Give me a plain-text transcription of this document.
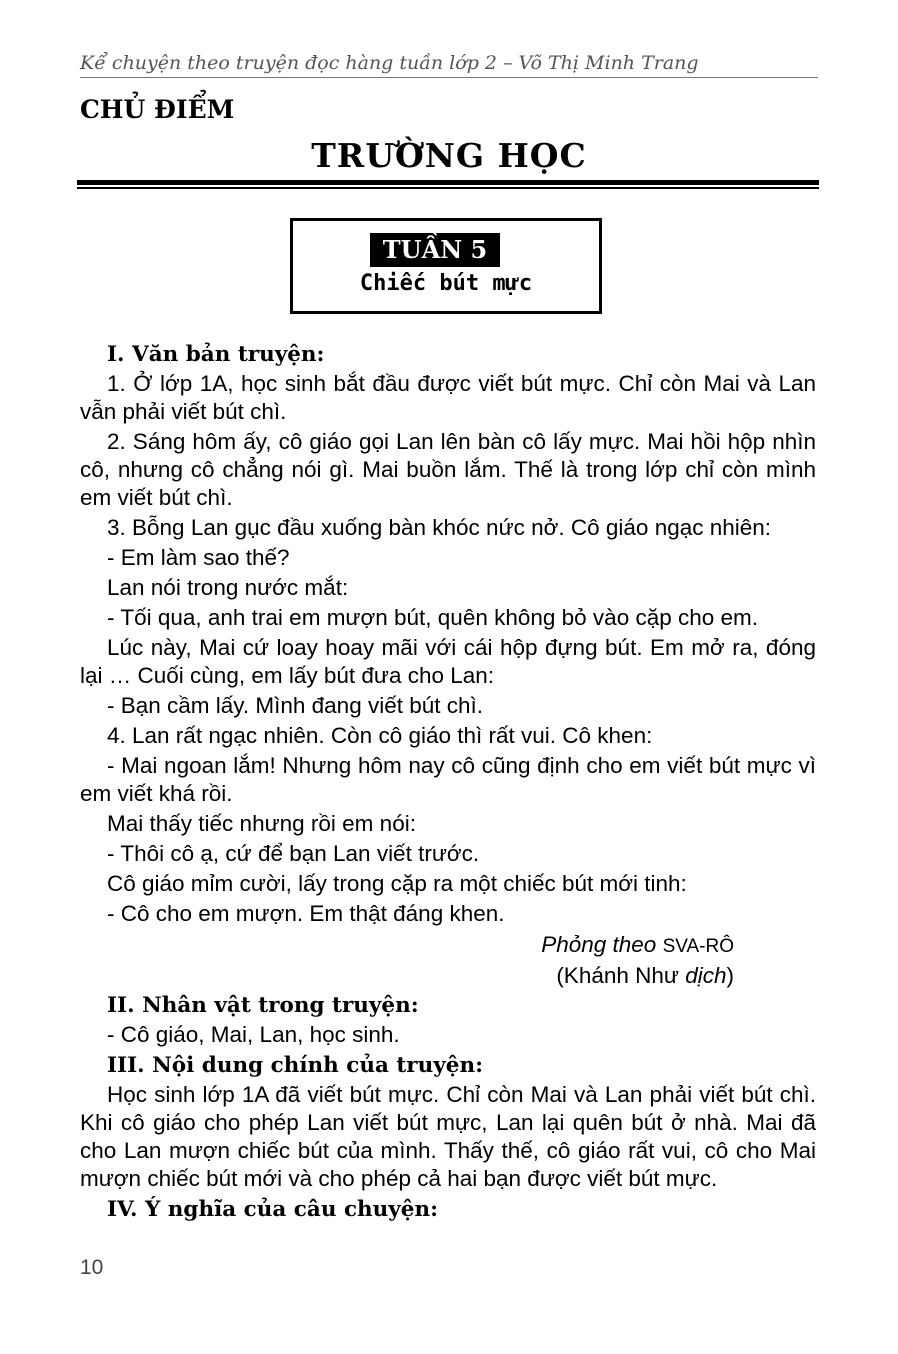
Kể chuyện theo truyện đọc hàng tuần lớp 2 – Võ Thị Minh Trang
CHỦ ĐIỂM
TRƯỜNG HỌC
TUẦN 5
Chiếc bút mực
I. Văn bản truyện:

1. Ở lớp 1A, học sinh bắt đầu được viết bút mực. Chỉ còn Mai và Lan vẫn phải viết bút chì.

2. Sáng hôm ấy, cô giáo gọi Lan lên bàn cô lấy mực. Mai hồi hộp nhìn cô, nhưng cô chẳng nói gì. Mai buồn lắm. Thế là trong lớp chỉ còn mình em viết bút chì.

3. Bỗng Lan gục đầu xuống bàn khóc nức nở. Cô giáo ngạc nhiên:

- Em làm sao thế?

Lan nói trong nước mắt:

- Tối qua, anh trai em mượn bút, quên không bỏ vào cặp cho em.

Lúc này, Mai cứ loay hoay mãi với cái hộp đựng bút. Em mở ra, đóng lại … Cuối cùng, em lấy bút đưa cho Lan:

- Bạn cầm lấy. Mình đang viết bút chì.

4. Lan rất ngạc nhiên. Còn cô giáo thì rất vui. Cô khen:

- Mai ngoan lắm! Nhưng hôm nay cô cũng định cho em viết bút mực vì em viết khá rồi.

Mai thấy tiếc nhưng rồi em nói:

- Thôi cô ạ, cứ để bạn Lan viết trước.

Cô giáo mỉm cười, lấy trong cặp ra một chiếc bút mới tinh:

- Cô cho em mượn. Em thật đáng khen.

Phỏng theo SVA-RÔ
(Khánh Như dịch)
II. Nhân vật trong truyện:

- Cô giáo, Mai, Lan, học sinh.

III. Nội dung chính của truyện:

Học sinh lớp 1A đã viết bút mực. Chỉ còn Mai và Lan phải viết bút chì. Khi cô giáo cho phép Lan viết bút mực, Lan lại quên bút ở nhà. Mai đã cho Lan mượn chiếc bút của mình. Thấy thế, cô giáo rất vui, cô cho Mai mượn chiếc bút mới và cho phép cả hai bạn được viết bút mực.

IV. Ý nghĩa của câu chuyện:
10
